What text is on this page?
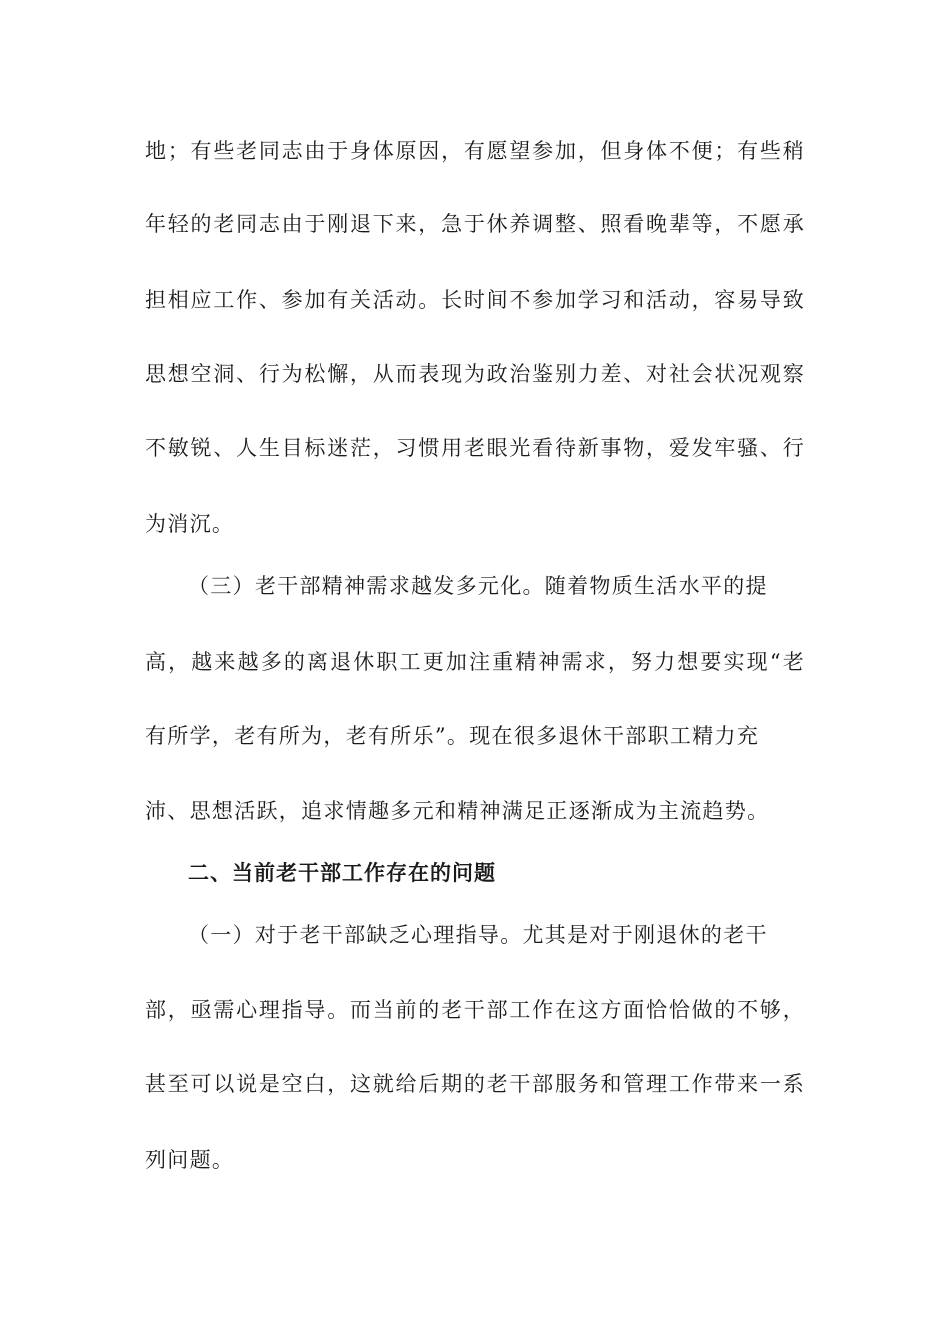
地；有些老同志由于身体原因，有愿望参加，但身体不便；有些稍
年轻的老同志由于刚退下来，急于休养调整、照看晚辈等，不愿承
担相应工作、参加有关活动。长时间不参加学习和活动，容易导致
思想空洞、行为松懈，从而表现为政治鉴别力差、对社会状况观察
不敏锐、人生目标迷茫，习惯用老眼光看待新事物，爱发牢骚、行
为消沉。
（三）老干部精神需求越发多元化。随着物质生活水平的提
高，越来越多的离退休职工更加注重精神需求，努力想要实现“老
有所学，老有所为，老有所乐”。现在很多退休干部职工精力充
沛、思想活跃，追求情趣多元和精神满足正逐渐成为主流趋势。
二、当前老干部工作存在的问题
（一）对于老干部缺乏心理指导。尤其是对于刚退休的老干
部，亟需心理指导。而当前的老干部工作在这方面恰恰做的不够，
甚至可以说是空白，这就给后期的老干部服务和管理工作带来一系
列问题。
